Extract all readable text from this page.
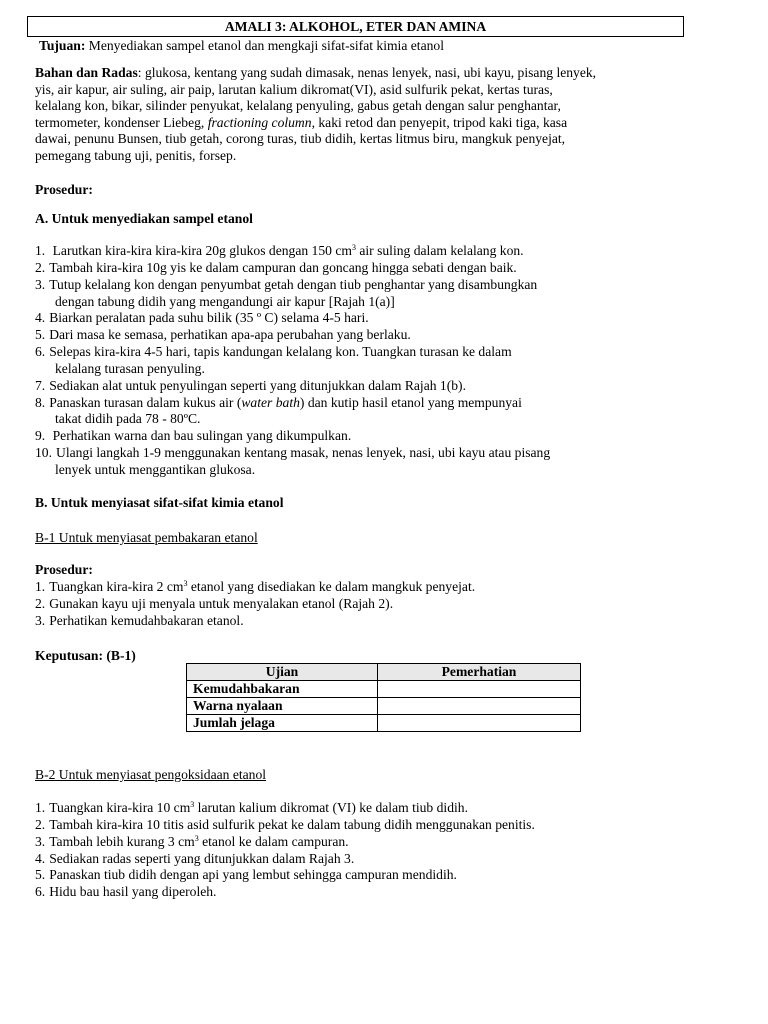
AMALI 3: ALKOHOL, ETER DAN AMINA
Tujuan: Menyediakan sampel etanol dan mengkaji sifat-sifat kimia etanol
Bahan dan Radas: glukosa, kentang yang sudah dimasak, nenas lenyek, nasi, ubi kayu, pisang lenyek,
yis, air kapur, air suling, air paip, larutan kalium dikromat(VI), asid sulfurik pekat, kertas turas,
kelalang kon, bikar, silinder penyukat, kelalang penyuling, gabus getah dengan salur penghantar,
termometer, kondenser Liebeg, fractioning column, kaki retod dan penyepit, tripod kaki tiga, kasa
dawai, penunu Bunsen, tiub getah, corong turas, tiub didih, kertas litmus biru, mangkuk penyejat,
pemegang tabung uji, penitis, forsep.
Prosedur:
A. Untuk menyediakan sampel etanol
1. Larutkan kira-kira kira-kira 20g glukos dengan 150 $cm^3$ air suling dalam kelalang kon.
2. Tambah kira-kira 10g yis ke dalam campuran dan goncang hingga sebati dengan baik.
3. Tutup kelalang kon dengan penyumbat getah dengan tiub penghantar yang disambungkan
dengan tabung didih yang mengandungi air kapur [Rajah 1(a)]
4. Biarkan peralatan pada suhu bilik (35 º C) selama 4-5 hari.
5. Dari masa ke semasa, perhatikan apa-apa perubahan yang berlaku.
6. Selepas kira-kira 4-5 hari, tapis kandungan kelalang kon. Tuangkan turasan ke dalam
kelalang turasan penyuling.
7. Sediakan alat untuk penyulingan seperti yang ditunjukkan dalam Rajah 1(b).
8. Panaskan turasan dalam kukus air (water bath) dan kutip hasil etanol yang mempunyai
takat didih pada 78 - 80ºC.
9. Perhatikan warna dan bau sulingan yang dikumpulkan.
10. Ulangi langkah 1-9 menggunakan kentang masak, nenas lenyek, nasi, ubi kayu atau pisang
lenyek untuk menggantikan glukosa.
B. Untuk menyiasat sifat-sifat kimia etanol
B-1 Untuk menyiasat pembakaran etanol
Prosedur:
1. Tuangkan kira-kira 2 $cm^3$ etanol yang disediakan ke dalam mangkuk penyejat.
2. Gunakan kayu uji menyala untuk menyalakan etanol (Rajah 2).
3. Perhatikan kemudahbakaran etanol.
Keputusan: (B-1)
Ujian	Pemerhatian
Kemudahbakaran	
Warna nyalaan	
Jumlah jelaga	
B-2 Untuk menyiasat pengoksidaan etanol
1. Tuangkan kira-kira 10 $cm^3$ larutan kalium dikromat (VI) ke dalam tiub didih.
2. Tambah kira-kira 10 titis asid sulfurik pekat ke dalam tabung didih menggunakan penitis.
3. Tambah lebih kurang 3 $cm^3$ etanol ke dalam campuran.
4. Sediakan radas seperti yang ditunjukkan dalam Rajah 3.
5. Panaskan tiub didih dengan api yang lembut sehingga campuran mendidih.
6. Hidu bau hasil yang diperoleh.
